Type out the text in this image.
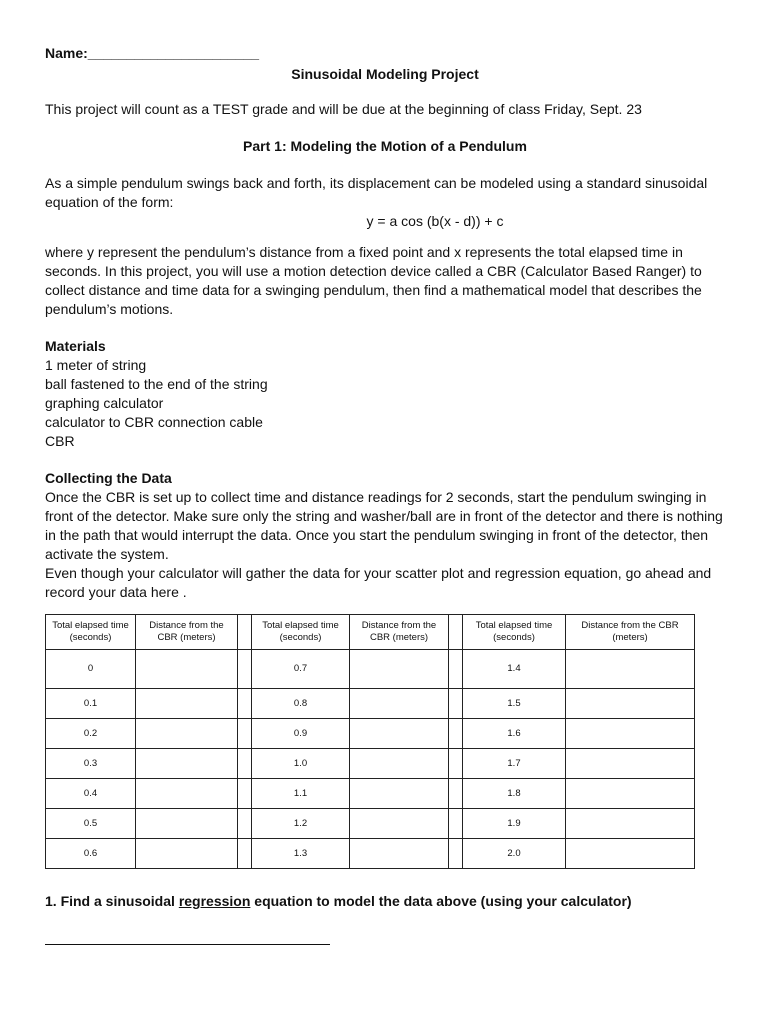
Name:______________________

Sinusoidal Modeling Project

This project will count as a TEST grade and will be due at the beginning of class Friday, Sept. 23

Part 1: Modeling the Motion of a Pendulum

As a simple pendulum swings back and forth, its displacement can be modeled using a standard sinusoidal equation of the form:

y = a cos (b(x - d)) + c

where y represent the pendulum’s distance from a fixed point and x represents the total elapsed time in seconds. In this project, you will use a motion detection device called a CBR (Calculator Based Ranger) to collect distance and time data for a swinging pendulum, then find a mathematical model that describes the pendulum’s motions.

Materials

1 meter of string

ball fastened to the end of the string

graphing calculator

calculator to CBR connection cable

CBR

Collecting the Data

Once the CBR is set up to collect time and distance readings for 2 seconds, start the pendulum swinging in front of the detector. Make sure only the string and washer/ball are in front of the detector and there is nothing in the path that would interrupt the data. Once you start the pendulum swinging in front of the detector, then activate the system.

Even though your calculator will gather the data for your scatter plot and regression equation, go ahead and record your data here .

Total elapsed time (seconds)	Distance from the CBR (meters)		Total elapsed time (seconds)	Distance from the CBR (meters)		Total elapsed time (seconds)	Distance from the CBR (meters)
0			0.7			1.4	
0.1			0.8			1.5	
0.2			0.9			1.6	
0.3			1.0			1.7	
0.4			1.1			1.8	
0.5			1.2			1.9	
0.6			1.3			2.0	

1. Find a sinusoidal regression equation to model the data above (using your calculator)
